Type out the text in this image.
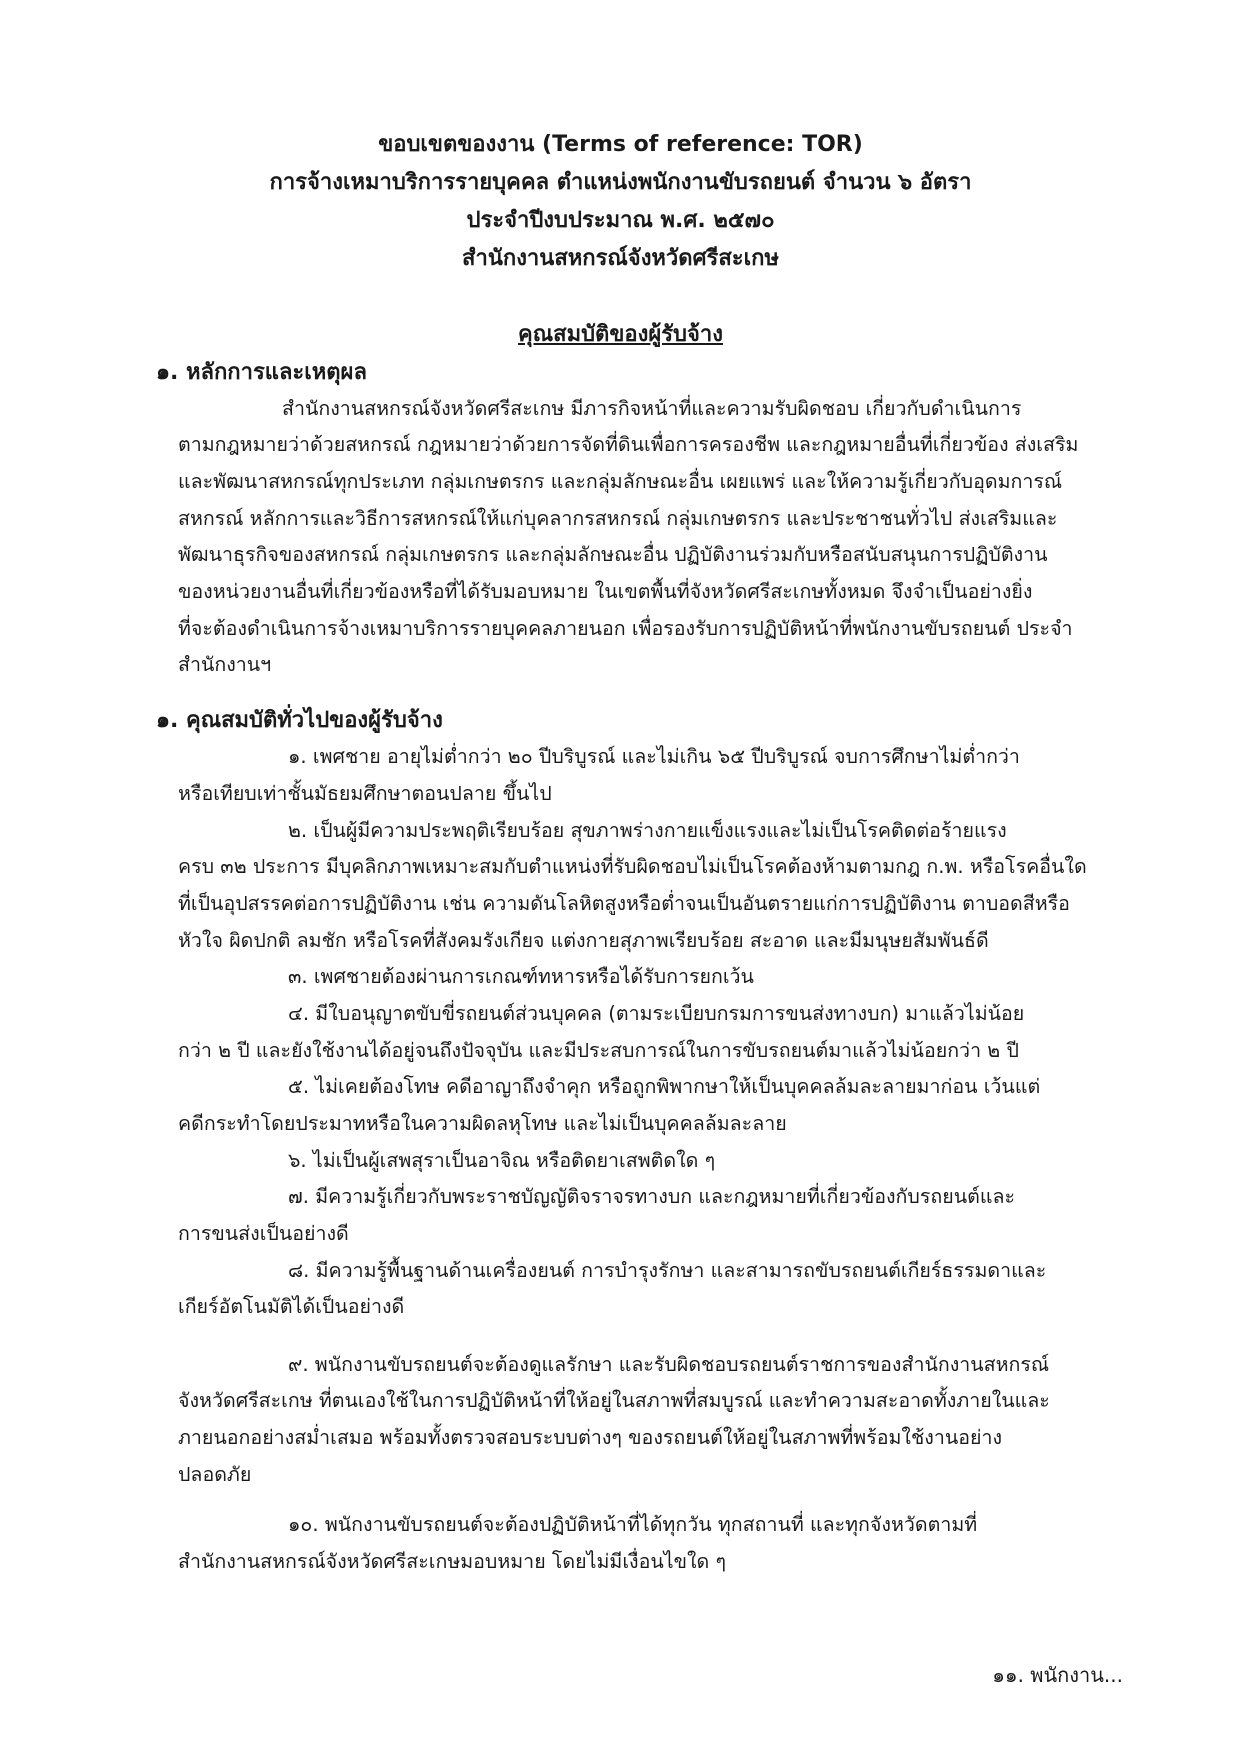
ขอบเขตของงาน (Terms of reference: TOR)
การจ้างเหมาบริการรายบุคคล ตำแหน่งพนักงานขับรถยนต์ จำนวน ๖ อัตรา
ประจำปีงบประมาณ พ.ศ. ๒๕๗๐
สำนักงานสหกรณ์จังหวัดศรีสะเกษ
คุณสมบัติของผู้รับจ้าง
๑. หลักการและเหตุผล
สำนักงานสหกรณ์จังหวัดศรีสะเกษ มีภารกิจหน้าที่และความรับผิดชอบ เกี่ยวกับดำเนินการ
ตามกฎหมายว่าด้วยสหกรณ์ กฎหมายว่าด้วยการจัดที่ดินเพื่อการครองชีพ และกฎหมายอื่นที่เกี่ยวข้อง ส่งเสริม
และพัฒนาสหกรณ์ทุกประเภท กลุ่มเกษตรกร และกลุ่มลักษณะอื่น เผยแพร่ และให้ความรู้เกี่ยวกับอุดมการณ์
สหกรณ์ หลักการและวิธีการสหกรณ์ให้แก่บุคลากรสหกรณ์ กลุ่มเกษตรกร และประชาชนทั่วไป ส่งเสริมและ
พัฒนาธุรกิจของสหกรณ์ กลุ่มเกษตรกร และกลุ่มลักษณะอื่น ปฏิบัติงานร่วมกับหรือสนับสนุนการปฏิบัติงาน
ของหน่วยงานอื่นที่เกี่ยวข้องหรือที่ได้รับมอบหมาย ในเขตพื้นที่จังหวัดศรีสะเกษทั้งหมด จึงจำเป็นอย่างยิ่ง
ที่จะต้องดำเนินการจ้างเหมาบริการรายบุคคลภายนอก เพื่อรองรับการปฏิบัติหน้าที่พนักงานขับรถยนต์ ประจำ
สำนักงานฯ
๑. คุณสมบัติทั่วไปของผู้รับจ้าง
๑. เพศชาย อายุไม่ต่ำกว่า ๒๐ ปีบริบูรณ์ และไม่เกิน ๖๕ ปีบริบูรณ์ จบการศึกษาไม่ต่ำกว่า
หรือเทียบเท่าชั้นมัธยมศึกษาตอนปลาย ขึ้นไป
๒. เป็นผู้มีความประพฤติเรียบร้อย สุขภาพร่างกายแข็งแรงและไม่เป็นโรคติดต่อร้ายแรง
ครบ ๓๒ ประการ มีบุคลิกภาพเหมาะสมกับตำแหน่งที่รับผิดชอบไม่เป็นโรคต้องห้ามตามกฎ ก.พ. หรือโรคอื่นใด
ที่เป็นอุปสรรคต่อการปฏิบัติงาน เช่น ความดันโลหิตสูงหรือต่ำจนเป็นอันตรายแก่การปฏิบัติงาน ตาบอดสีหรือ
หัวใจ ผิดปกติ ลมชัก หรือโรคที่สังคมรังเกียจ แต่งกายสุภาพเรียบร้อย สะอาด และมีมนุษยสัมพันธ์ดี
๓. เพศชายต้องผ่านการเกณฑ์ทหารหรือได้รับการยกเว้น
๔. มีใบอนุญาตขับขี่รถยนต์ส่วนบุคคล (ตามระเบียบกรมการขนส่งทางบก) มาแล้วไม่น้อย
กว่า ๒ ปี และยังใช้งานได้อยู่จนถึงปัจจุบัน และมีประสบการณ์ในการขับรถยนต์มาแล้วไม่น้อยกว่า ๒ ปี
๕. ไม่เคยต้องโทษ คดีอาญาถึงจำคุก หรือถูกพิพากษาให้เป็นบุคคลล้มละลายมาก่อน เว้นแต่
คดีกระทำโดยประมาทหรือในความผิดลหุโทษ และไม่เป็นบุคคลล้มละลาย
๖. ไม่เป็นผู้เสพสุราเป็นอาจิณ หรือติดยาเสพติดใด ๆ
๗. มีความรู้เกี่ยวกับพระราชบัญญัติจราจรทางบก และกฎหมายที่เกี่ยวข้องกับรถยนต์และ
การขนส่งเป็นอย่างดี
๘. มีความรู้พื้นฐานด้านเครื่องยนต์ การบำรุงรักษา และสามารถขับรถยนต์เกียร์ธรรมดาและ
เกียร์อัตโนมัติได้เป็นอย่างดี
๙. พนักงานขับรถยนต์จะต้องดูแลรักษา และรับผิดชอบรถยนต์ราชการของสำนักงานสหกรณ์
จังหวัดศรีสะเกษ ที่ตนเองใช้ในการปฏิบัติหน้าที่ให้อยู่ในสภาพที่สมบูรณ์ และทำความสะอาดทั้งภายในและ
ภายนอกอย่างสม่ำเสมอ พร้อมทั้งตรวจสอบระบบต่างๆ ของรถยนต์ให้อยู่ในสภาพที่พร้อมใช้งานอย่าง
ปลอดภัย
๑๐. พนักงานขับรถยนต์จะต้องปฏิบัติหน้าที่ได้ทุกวัน ทุกสถานที่ และทุกจังหวัดตามที่
สำนักงานสหกรณ์จังหวัดศรีสะเกษมอบหมาย โดยไม่มีเงื่อนไขใด ๆ
๑๑. พนักงาน...
